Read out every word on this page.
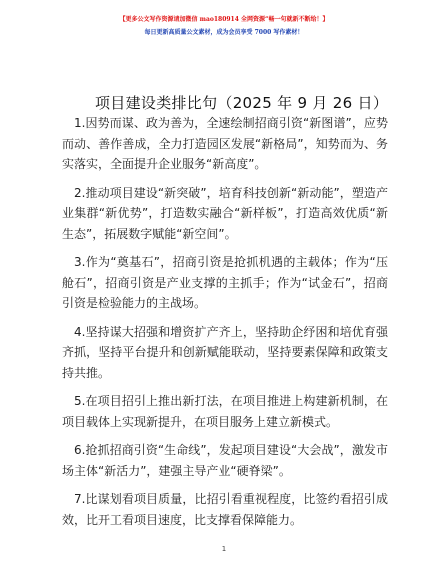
【更多公文写作资源请加微信 mao180914 全网资源“畅一句就新不断给！】
每日更新高质量公文素材，成为会员享受 7000 写作素材！
项目建设类排比句（2025 年 9 月 26 日）

1.因势而谋、政为善为，全速绘制招商引资“新图谱”，应势而动、善作善成，全力打造园区发展“新格局”，知势而为、务实落实，全面提升企业服务“新高度”。

2.推动项目建设“新突破”，培育科技创新“新动能”，塑造产业集群“新优势”，打造数实融合“新样板”，打造高效优质“新生态”，拓展数字赋能“新空间”。

3.作为“奠基石”，招商引资是抢抓机遇的主载体；作为“压舱石”，招商引资是产业支撑的主抓手；作为“试金石”，招商引资是检验能力的主战场。

4.坚持谋大招强和增资扩产齐上，坚持助企纾困和培优育强齐抓，坚持平台提升和创新赋能联动，坚持要素保障和政策支持共推。

5.在项目招引上推出新打法，在项目推进上构建新机制，在项目载体上实现新提升，在项目服务上建立新模式。

6.抢抓招商引资“生命线”，发起项目建设“大会战”，激发市场主体“新活力”，建强主导产业“硬脊梁”。

7.比谋划看项目质量，比招引看重视程度，比签约看招引成效，比开工看项目速度，比支撑看保障能力。

1
